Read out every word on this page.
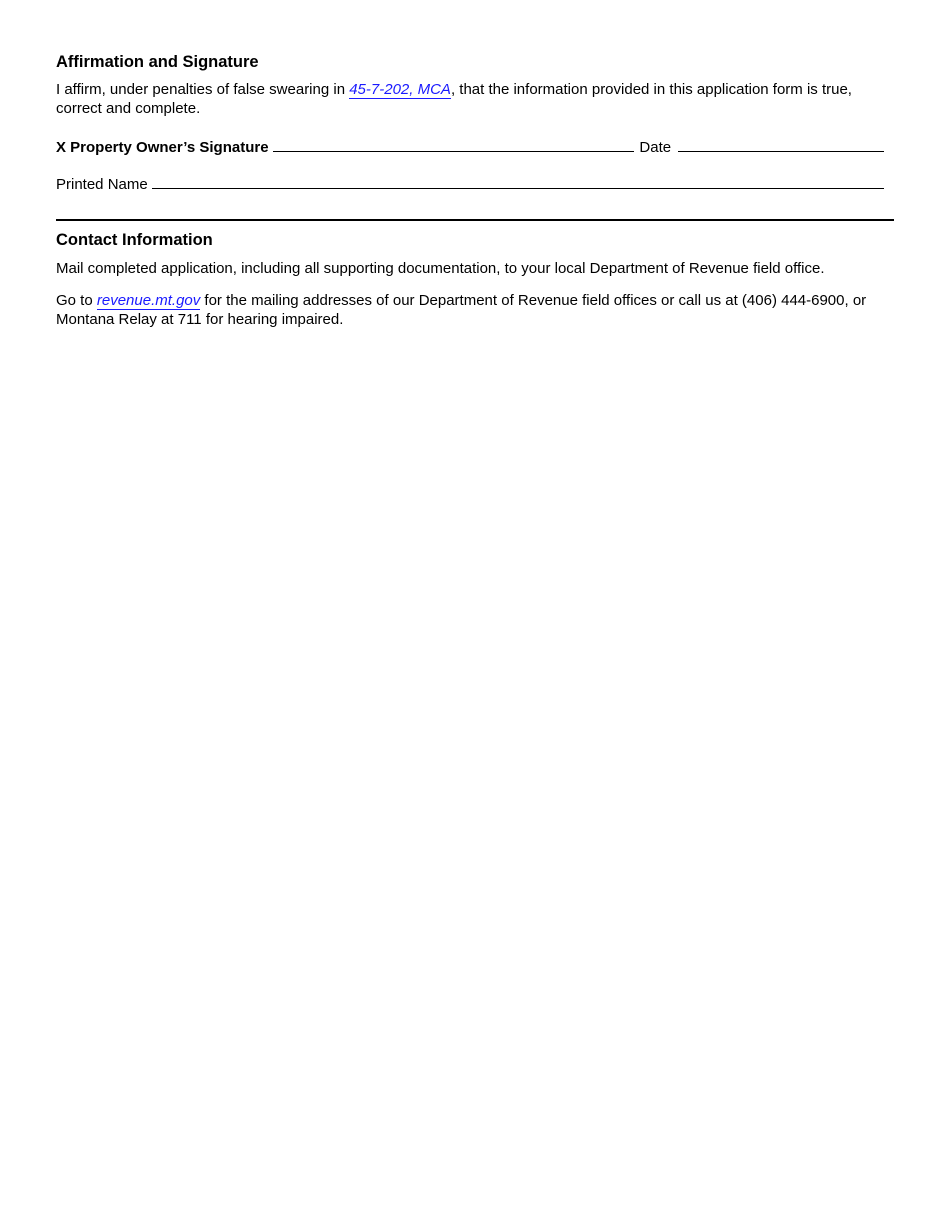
Affirmation and Signature
I affirm, under penalties of false swearing in 45-7-202, MCA, that the information provided in this application form is true, correct and complete.
X Property Owner’s Signature	Date
Printed Name
Contact Information
Mail completed application, including all supporting documentation, to your local Department of Revenue field office.
Go to revenue.mt.gov for the mailing addresses of our Department of Revenue field offices or call us at (406) 444-6900, or Montana Relay at 711 for hearing impaired.
